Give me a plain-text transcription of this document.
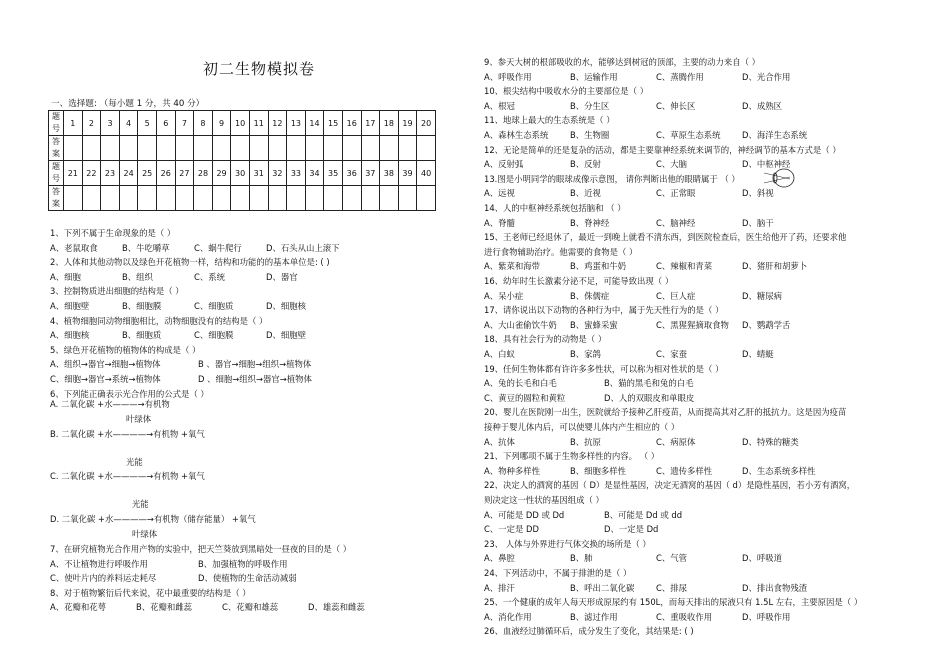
初二生物模拟卷
一、选择题: （每小题 1 分，共 40 分）
题号	1	2	3	4	5	6	7	8	9	10	11	12	13	14	15	16	17	18	19	20
答案																				
题号	21	22	23	24	25	26	27	28	29	30	31	32	33	34	35	36	37	38	39	40
答案																				
1、下列不属于生命现象的是（ ）
A、老鼠取食	B、牛吃嚼草	C、蜗牛爬行	D、石头从山上滚下
2、人体和其他动物以及绿色开花植物一样，结构和功能的的基本单位是: ( )
A、细胞	B、组织	C、系统	D、器官
3、控制物质进出细胞的结构是（ ）
A、细胞壁	B、细胞膜	C、细胞质	D、细胞核
4、植物细胞同动物细胞相比，动物细胞没有的结构是（ ）
A、细胞核	B、细胞质	C、细胞膜	D、细胞壁
5、绿色开花植物的植物体的构成是（ ）
A、组织→器官→细胞→植物体	B 、器官→细胞→组织→植物体
C、细胞→器官→系统→植物体	D 、细胞→组织→器官→植物体
6、下列能正确表示光合作用的公式是（ ）
A. 二氧化碳 +水———→有机物
叶绿体
B. 二氧化碳 +水————→有机物 +氧气
光能
C. 二氧化碳 +水————→有机物 +氧气
光能
D. 二氧化碳 +水————→有机物（储存能量） +氧气
叶绿体
7、在研究植物光合作用产物的实验中，把天竺葵放到黑暗处一昼夜的目的是（ ）
A、不让植物进行呼吸作用	B、加强植物的呼吸作用
C、使叶片内的养料运走耗尽	D、使植物的生命活动减弱
8、对于植物繁衍后代来说，花中最重要的结构是（ ）
A、花瓣和花萼	B、花瓣和雌蕊	C、花瓣和雄蕊	D、雄蕊和雌蕊
9、参天大树的根部吸收的水，能够达到树冠的顶部，主要的动力来自（ ）
A、呼吸作用	B、运输作用	C、蒸腾作用	D、光合作用
10、根尖结构中吸收水分的主要部位是（ ）
A、根冠	B、分生区	C、伸长区	D、成熟区
11、地球上最大的生态系统是（ ）
A、森林生态系统	B、生物圈	C、草原生态系统	D、海洋生态系统
12、无论是简单的还是复杂的活动，都是主要靠神经系统来调节的，神经调节的基本方式是（ ）
A、反射弧	B、反射	C、大脑	D、中枢神经
13.图是小明同学的眼球成像示意图， 请你判断出他的眼睛属于 （ ）
A、远视	B、近视	C、正常眼	D、斜视
14、人的中枢神经系统包括脑和 （ ）
A、脊髓	B、脊神经	C、脑神经	D、脑干
15、王老师已经退休了，最近一到晚上就看不清东西，到医院检查后，医生给他开了药，还要求他
进行食物辅助治疗。他需要的食物是（ ）
A、紫菜和海带	B、鸡蛋和牛奶	C、辣椒和青菜	D、猪肝和胡萝卜
16、幼年时生长激素分泌不足，可能导致出现（ ）
A、呆小症	B、侏儒症	C、巨人症	D、糖尿病
17、请你说出以下动物的各种行为中，属于先天性行为的是（ ）
A、大山雀偷饮牛奶 B、蜜蜂采蜜	C、黑猩猩摘取食物 D、鹦鹉学舌
18、具有社会行为的动物是（ ）
A、白蚁	B、家鸽	C、家蚕	D、蜻蜓
19、任何生物体都有许许多多性状，可以称为相对性状的是（ ）
A、兔的长毛和白毛	B、猫的黑毛和兔的白毛
C、黄豆的圆粒和黄粒	D、人的双眼皮和单眼皮
20、婴儿在医院刚一出生，医院就给予接种乙肝疫苗，从而提高其对乙肝的抵抗力。这是因为疫苗
接种于婴儿体内后，可以使婴儿体内产生相应的（ ）
A、抗体	B、抗原	C、病原体	D、特殊的糖类
21、下列哪项不属于生物多样性的内容。 （ ）
A、物种多样性	B、细胞多样性	C、遗传多样性	D、生态系统多样性
22、决定人的酒窝的基因（ D）是显性基因，决定无酒窝的基因（ d）是隐性基因，若小芳有酒窝，
则决定这一性状的基因组成（ ）
A、可能是 DD 或 Dd	B、可能是 Dd 或 dd
C、一定是 DD	D、一定是 Dd
23、 人体与外界进行气体交换的场所是（ ）
A、鼻腔	B、肺	C、气管	D、呼吸道
24、下列活动中，不属于排泄的是（ ）
A、排汗	B、呼出二氧化碳	C、排尿	D、排出食物残渣
25、一个健康的成年人每天形成原尿约有 150L，而每天排出的尿液只有 1.5L 左右，主要原因是（ ）
A、消化作用	B、滤过作用	C、重吸收作用	D、呼吸作用
26、血液经过肺循环后，成分发生了变化，其结果是: ( )
